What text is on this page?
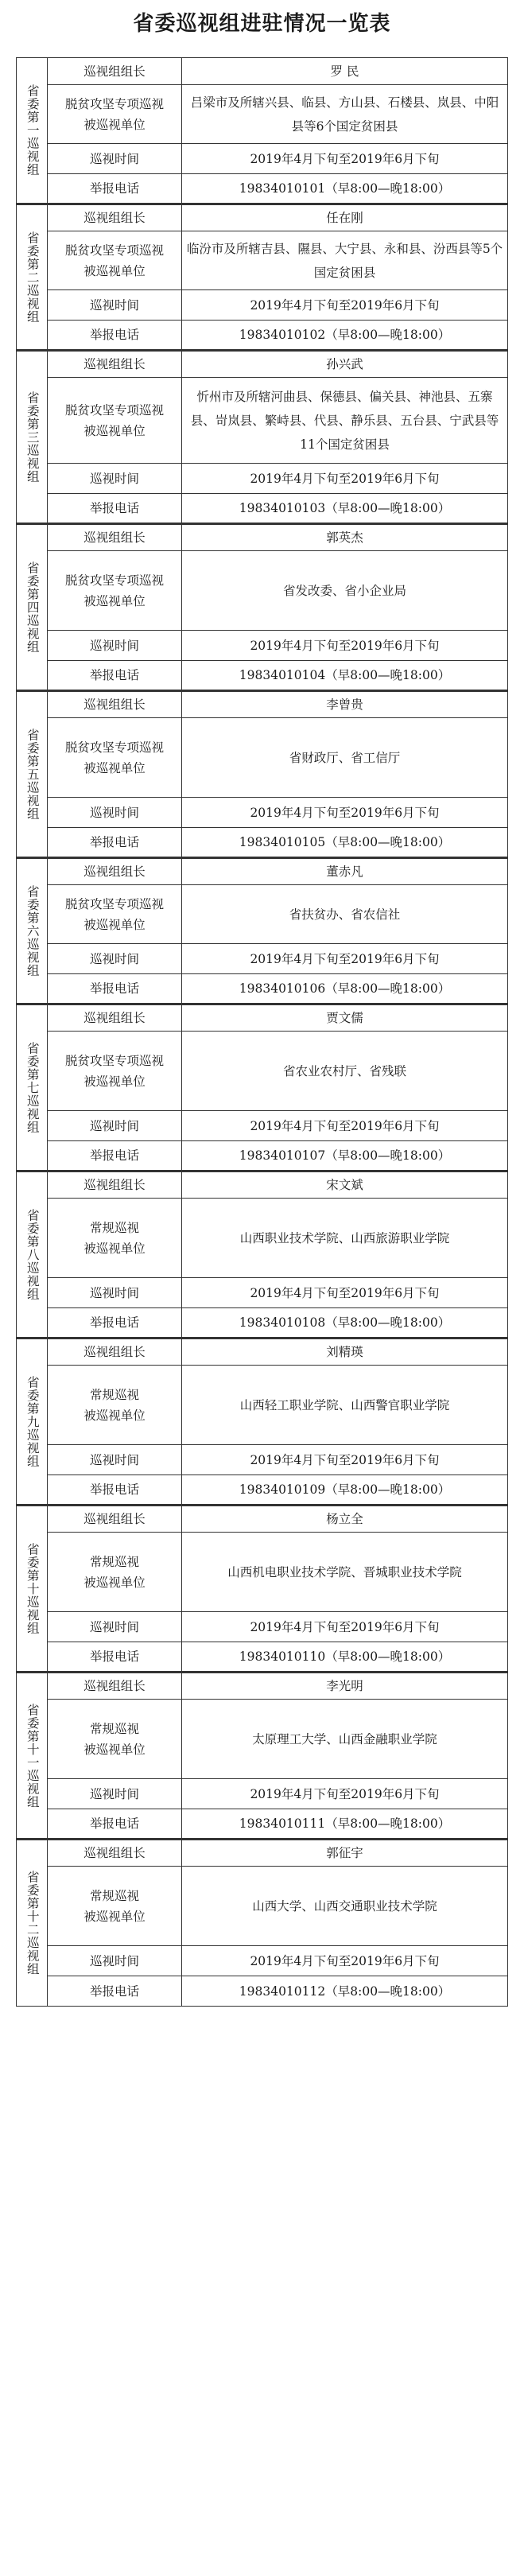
省委巡视组进驻情况一览表
省委第一巡视组	巡视组组长	罗 民

	脱贫攻坚专项巡视
被巡视单位	吕梁市及所辖兴县、临县、方山县、石楼县、岚县、中阳县等6个国定贫困县
	巡视时间	2019年4月下旬至2019年6月下旬
	举报电话	19834010101（早8:00—晚18:00）

省委第二巡视组	巡视组组长	任在刚

	脱贫攻坚专项巡视
被巡视单位	临汾市及所辖吉县、隰县、大宁县、永和县、汾西县等5个国定贫困县
	巡视时间	2019年4月下旬至2019年6月下旬
	举报电话	19834010102（早8:00—晚18:00）

省委第三巡视组	巡视组组长	孙兴武

	脱贫攻坚专项巡视
被巡视单位	忻州市及所辖河曲县、保德县、偏关县、神池县、五寨县、岢岚县、繁峙县、代县、静乐县、五台县、宁武县等11个国定贫困县
	巡视时间	2019年4月下旬至2019年6月下旬
	举报电话	19834010103（早8:00—晚18:00）

省委第四巡视组	巡视组组长	郭英杰

	脱贫攻坚专项巡视
被巡视单位	省发改委、省小企业局
	巡视时间	2019年4月下旬至2019年6月下旬
	举报电话	19834010104（早8:00—晚18:00）

省委第五巡视组	巡视组组长	李曾贵

	脱贫攻坚专项巡视
被巡视单位	省财政厅、省工信厅
	巡视时间	2019年4月下旬至2019年6月下旬
	举报电话	19834010105（早8:00—晚18:00）

省委第六巡视组	巡视组组长	董赤凡

	脱贫攻坚专项巡视
被巡视单位	省扶贫办、省农信社
	巡视时间	2019年4月下旬至2019年6月下旬
	举报电话	19834010106（早8:00—晚18:00）

省委第七巡视组	巡视组组长	贾文儒

	脱贫攻坚专项巡视
被巡视单位	省农业农村厅、省残联
	巡视时间	2019年4月下旬至2019年6月下旬
	举报电话	19834010107（早8:00—晚18:00）

省委第八巡视组	巡视组组长	宋文斌

	常规巡视
被巡视单位	山西职业技术学院、山西旅游职业学院
	巡视时间	2019年4月下旬至2019年6月下旬
	举报电话	19834010108（早8:00—晚18:00）

省委第九巡视组	巡视组组长	刘精瑛

	常规巡视
被巡视单位	山西轻工职业学院、山西警官职业学院
	巡视时间	2019年4月下旬至2019年6月下旬
	举报电话	19834010109（早8:00—晚18:00）

省委第十巡视组	巡视组组长	杨立全

	常规巡视
被巡视单位	山西机电职业技术学院、晋城职业技术学院
	巡视时间	2019年4月下旬至2019年6月下旬
	举报电话	19834010110（早8:00—晚18:00）

省委第十一巡视组	巡视组组长	李光明

	常规巡视
被巡视单位	太原理工大学、山西金融职业学院
	巡视时间	2019年4月下旬至2019年6月下旬
	举报电话	19834010111（早8:00—晚18:00）

省委第十二巡视组	巡视组组长	郭征宇

	常规巡视
被巡视单位	山西大学、山西交通职业技术学院
	巡视时间	2019年4月下旬至2019年6月下旬
	举报电话	19834010112（早8:00—晚18:00）
